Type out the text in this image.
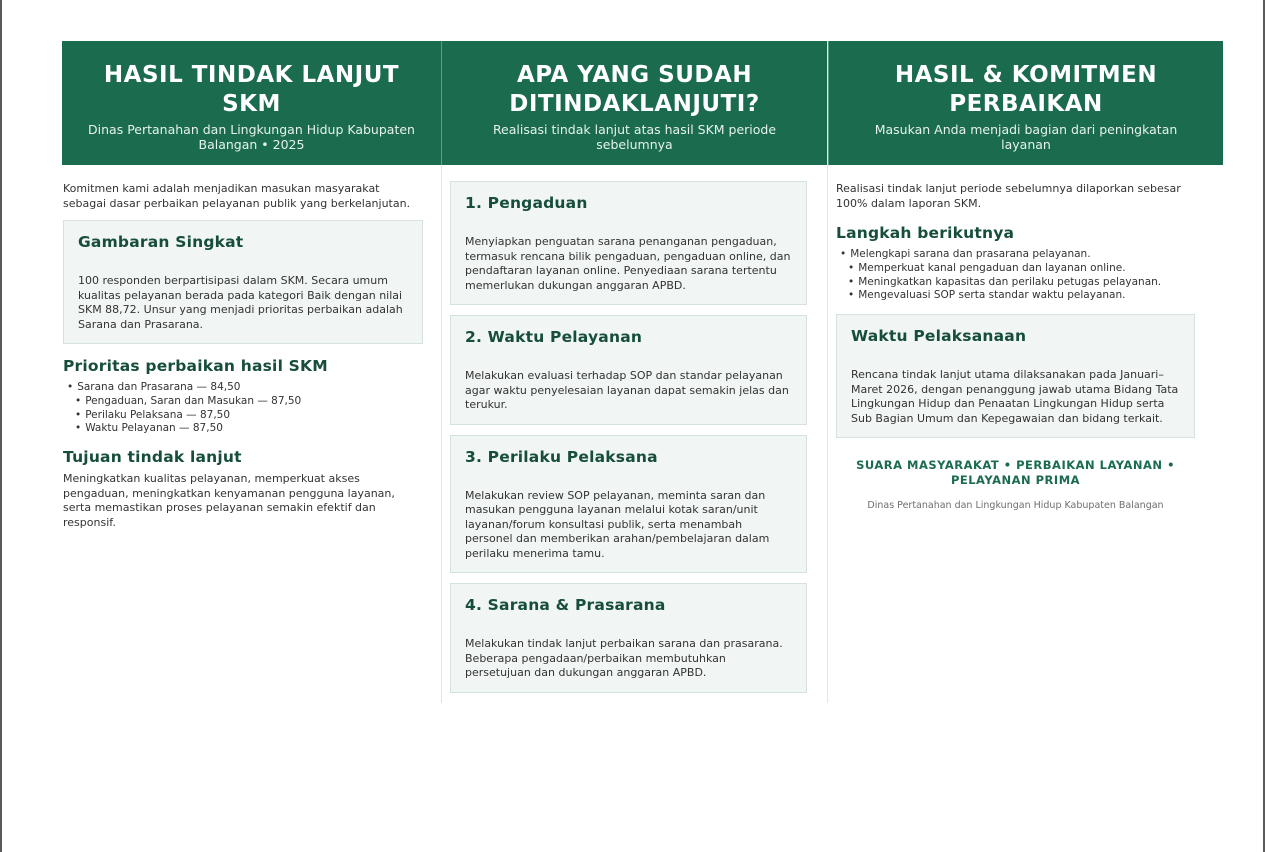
HASIL TINDAK LANJUT SKM

Dinas Pertanahan dan Lingkungan Hidup Kabupaten Balangan • 2025

Komitmen kami adalah menjadikan masukan masyarakat sebagai dasar perbaikan pelayanan publik yang berkelanjutan.

Gambaran Singkat

100 responden berpartisipasi dalam SKM. Secara umum kualitas pelayanan berada pada kategori Baik dengan nilai SKM 88,72. Unsur yang menjadi prioritas perbaikan adalah Sarana dan Prasarana.

Prioritas perbaikan hasil SKM
• Sarana dan Prasarana — 84,50
• Pengaduan, Saran dan Masukan — 87,50
• Perilaku Pelaksana — 87,50
• Waktu Pelayanan — 87,50
Tujuan tindak lanjut

Meningkatkan kualitas pelayanan, memperkuat akses pengaduan, meningkatkan kenyamanan pengguna layanan, serta memastikan proses pelayanan semakin efektif dan responsif.

APA YANG SUDAH DITINDAKLANJUTI?

Realisasi tindak lanjut atas hasil SKM periode sebelumnya

1. Pengaduan

Menyiapkan penguatan sarana penanganan pengaduan, termasuk rencana bilik pengaduan, pengaduan online, dan pendaftaran layanan online. Penyediaan sarana tertentu memerlukan dukungan anggaran APBD.

2. Waktu Pelayanan

Melakukan evaluasi terhadap SOP dan standar pelayanan agar waktu penyelesaian layanan dapat semakin jelas dan terukur.

3. Perilaku Pelaksana

Melakukan review SOP pelayanan, meminta saran dan masukan pengguna layanan melalui kotak saran/unit layanan/forum konsultasi publik, serta menambah personel dan memberikan arahan/pembelajaran dalam perilaku menerima tamu.

4. Sarana & Prasarana

Melakukan tindak lanjut perbaikan sarana dan prasarana. Beberapa pengadaan/perbaikan membutuhkan persetujuan dan dukungan anggaran APBD.

HASIL & KOMITMEN PERBAIKAN

Masukan Anda menjadi bagian dari peningkatan layanan

Realisasi tindak lanjut periode sebelumnya dilaporkan sebesar 100% dalam laporan SKM.

Langkah berikutnya
• Melengkapi sarana dan prasarana pelayanan.
• Memperkuat kanal pengaduan dan layanan online.
• Meningkatkan kapasitas dan perilaku petugas pelayanan.
• Mengevaluasi SOP serta standar waktu pelayanan.
Waktu Pelaksanaan

Rencana tindak lanjut utama dilaksanakan pada Januari–Maret 2026, dengan penanggung jawab utama Bidang Tata Lingkungan Hidup dan Penaatan Lingkungan Hidup serta Sub Bagian Umum dan Kepegawaian dan bidang terkait.

SUARA MASYARAKAT • PERBAIKAN LAYANAN • PELAYANAN PRIMA

Dinas Pertanahan dan Lingkungan Hidup Kabupaten Balangan
